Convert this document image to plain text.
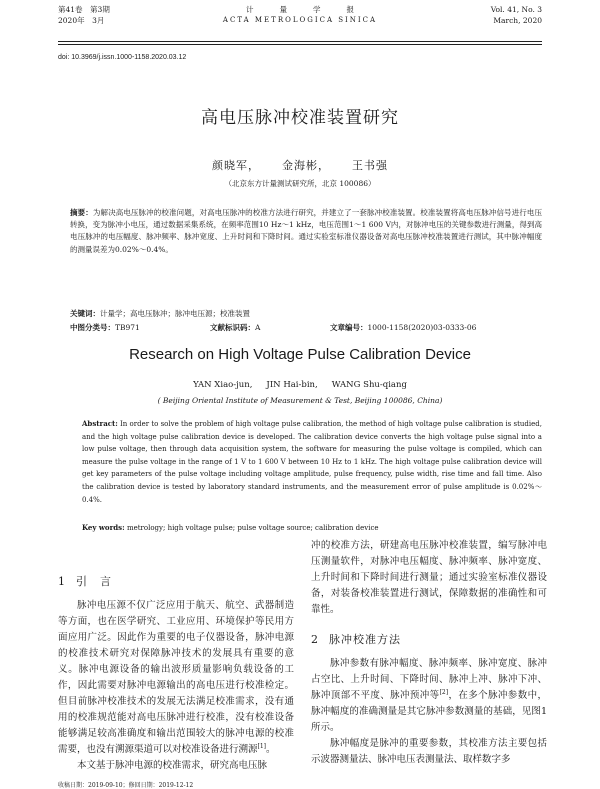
第41卷　第3期
2020年　3月
计量学报
ACTA METROLOGICA SINICA
Vol. 41, No. 3
March, 2020
doi: 10.3969/j.issn.1000-1158.2020.03.12
高电压脉冲校准装置研究
颜晓军， 金海彬， 王书强
（北京东方计量测试研究所，北京 100086）
摘要：为解决高电压脉冲的校准问题，对高电压脉冲的校准方法进行研究，并建立了一套脉冲校准装置。校准装置将高电压脉冲信号进行电压转换，变为脉冲小电压，通过数据采集系统，在频率范围10 Hz～1 kHz，电压范围1～1 600 V内，对脉冲电压的关键参数进行测量，得到高电压脉冲的电压幅度、脉冲频率、脉冲宽度、上升时间和下降时间。通过实验室标准仪器设备对高电压脉冲校准装置进行测试，其中脉冲幅度的测量误差为0.02%～0.4%。
关键词：计量学；高电压脉冲；脉冲电压源；校准装置
中图分类号：TB971	文献标识码：A	文章编号：1000-1158(2020)03-0333-06
Research on High Voltage Pulse Calibration Device
YAN Xiao-jun, JIN Hai-bin, WANG Shu-qiang
( Beijing Oriental Institute of Measurement & Test, Beijing 100086, China)
Abstract: In order to solve the problem of high voltage pulse calibration, the method of high voltage pulse calibration is studied, and the high voltage pulse calibration device is developed. The calibration device converts the high voltage pulse signal into a low pulse voltage, then through data acquisition system, the software for measuring the pulse voltage is compiled, which can measure the pulse voltage in the range of 1 V to 1 600 V between 10 Hz to 1 kHz. The high voltage pulse calibration device will get key parameters of the pulse voltage including voltage amplitude, pulse frequency, pulse width, rise time and fall time. Also the calibration device is tested by laboratory standard instruments, and the measurement error of pulse amplitude is 0.02%～0.4%.
Key words: metrology; high voltage pulse; pulse voltage source; calibration device
1 引　言

脉冲电压源不仅广泛应用于航天、航空、武器制造等方面，也在医学研究、工业应用、环境保护等民用方面应用广泛。因此作为重要的电子仪器设备，脉冲电源的校准技术研究对保障脉冲技术的发展具有重要的意义。脉冲电源设备的输出波形质量影响负载设备的工作，因此需要对脉冲电源输出的高电压进行校准检定。但目前脉冲校准技术的发展无法满足校准需求，没有通用的校准规范能对高电压脉冲进行校准，没有校准设备能够满足较高准确度和输出范围较大的脉冲电源的校准需要，也没有溯源渠道可以对校准设备进行溯源[1]。

本文基于脉冲电源的校准需求，研究高电压脉

冲的校准方法，研建高电压脉冲校准装置，编写脉冲电压测量软件，对脉冲电压幅度、脉冲频率、脉冲宽度、上升时间和下降时间进行测量；通过实验室标准仪器设备，对装备校准装置进行测试，保障数据的准确性和可靠性。

2 脉冲校准方法

脉冲参数有脉冲幅度、脉冲频率、脉冲宽度、脉冲占空比、上升时间、下降时间、脉冲上冲、脉冲下冲、脉冲顶部不平度、脉冲预冲等[2]，在多个脉冲参数中，脉冲幅度的准确测量是其它脉冲参数测量的基础，见图1所示。

脉冲幅度是脉冲的重要参数，其校准方法主要包括示波器测量法、脉冲电压表测量法、取样数字多

收稿日期：2019-09-10；修回日期：2019-12-12
